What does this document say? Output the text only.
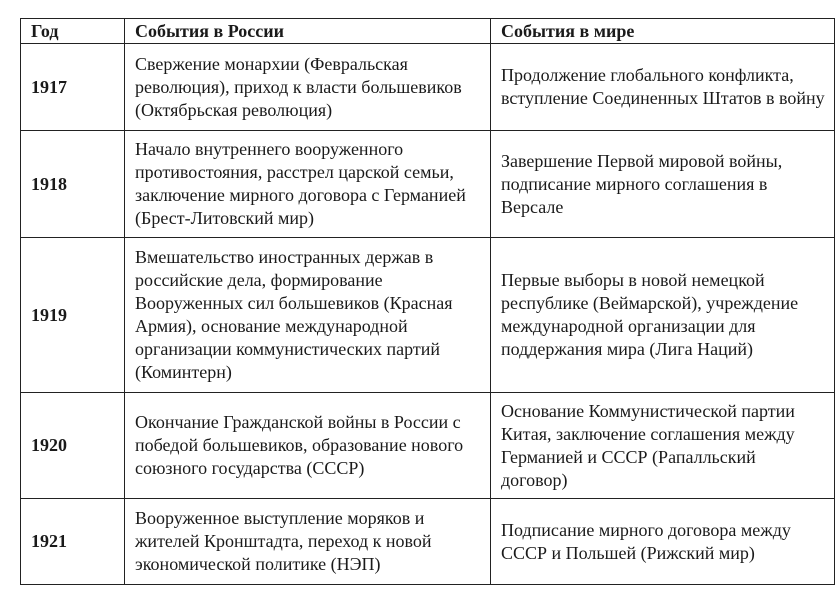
Год	События в России	События в мире
1917	Свержение монархии (Февральская революция), приход к власти большевиков (Октябрьская революция)	Продолжение глобального конфликта, вступление Соединенных Штатов в войну
1918	Начало внутреннего вооруженного противостояния, расстрел царской семьи, заключение мирного договора с Германией (Брест-Литовский мир)	Завершение Первой мировой войны, подписание мирного соглашения в Версале
1919	Вмешательство иностранных держав в российские дела, формирование Вооруженных сил большевиков (Красная Армия), основание международной организации коммунистических партий (Коминтерн)	Первые выборы в новой немецкой республике (Веймарской), учреждение международной организации для поддержания мира (Лига Наций)
1920	Окончание Гражданской войны в России с победой большевиков, образование нового союзного государства (СССР)	Основание Коммунистической партии Китая, заключение соглашения между Германией и СССР (Рапалльский договор)
1921	Вооруженное выступление моряков и жителей Кронштадта, переход к новой экономической политике (НЭП)	Подписание мирного договора между СССР и Польшей (Рижский мир)
